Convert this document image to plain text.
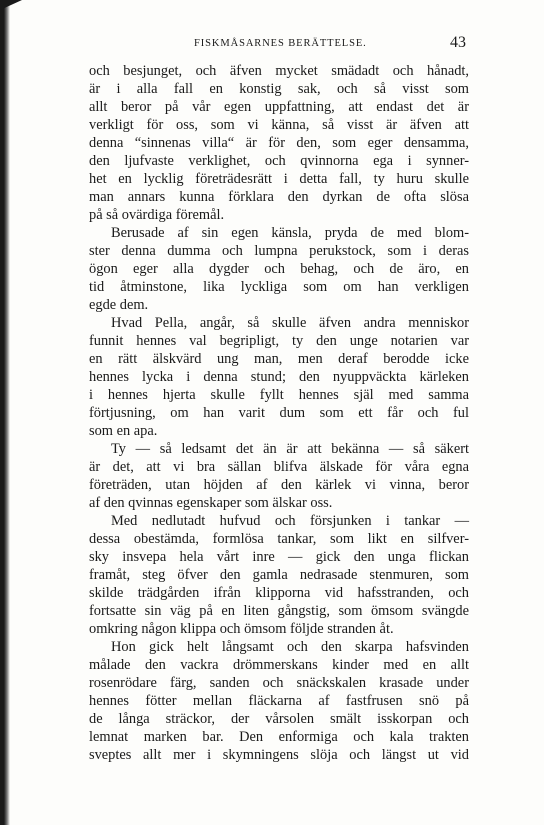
FISKMÅSARNES BERÄTTELSE.	43
och besjunget, och äfven mycket smädadt och hånadt,
är i alla fall en konstig sak, och så visst som
allt beror på vår egen uppfattning, att endast det är
verkligt för oss, som vi känna, så visst är äfven att
denna “sinnenas villa“ är för den, som eger densamma,
den ljufvaste verklighet, och qvinnorna ega i synner-
het en lycklig företrädesrätt i detta fall, ty huru skulle
man annars kunna förklara den dyrkan de ofta slösa
på så ovärdiga föremål.
Berusade af sin egen känsla, pryda de med blom-
ster denna dumma och lumpna perukstock, som i deras
ögon eger alla dygder och behag, och de äro, en
tid åtminstone, lika lyckliga som om han verkligen
egde dem.
Hvad Pella, angår, så skulle äfven andra menniskor
funnit hennes val begripligt, ty den unge notarien var
en rätt älskvärd ung man, men deraf berodde icke
hennes lycka i denna stund; den nyuppväckta kärleken
i hennes hjerta skulle fyllt hennes själ med samma
förtjusning, om han varit dum som ett får och ful
som en apa.
Ty — så ledsamt det än är att bekänna — så säkert
är det, att vi bra sällan blifva älskade för våra egna
företräden, utan höjden af den kärlek vi vinna, beror
af den qvinnas egenskaper som älskar oss.
Med nedlutadt hufvud och försjunken i tankar —
dessa obestämda, formlösa tankar, som likt en silfver-
sky insvepa hela vårt inre — gick den unga flickan
framåt, steg öfver den gamla nedrasade stenmuren, som
skilde trädgården ifrån klipporna vid hafsstranden, och
fortsatte sin väg på en liten gångstig, som ömsom svängde
omkring någon klippa och ömsom följde stranden åt.
Hon gick helt långsamt och den skarpa hafsvinden
målade den vackra drömmerskans kinder med en allt
rosenrödare färg, sanden och snäckskalen krasade under
hennes fötter mellan fläckarna af fastfrusen snö på
de långa sträckor, der vårsolen smält isskorpan och
lemnat marken bar. Den enformiga och kala trakten
sveptes allt mer i skymningens slöja och längst ut vid
